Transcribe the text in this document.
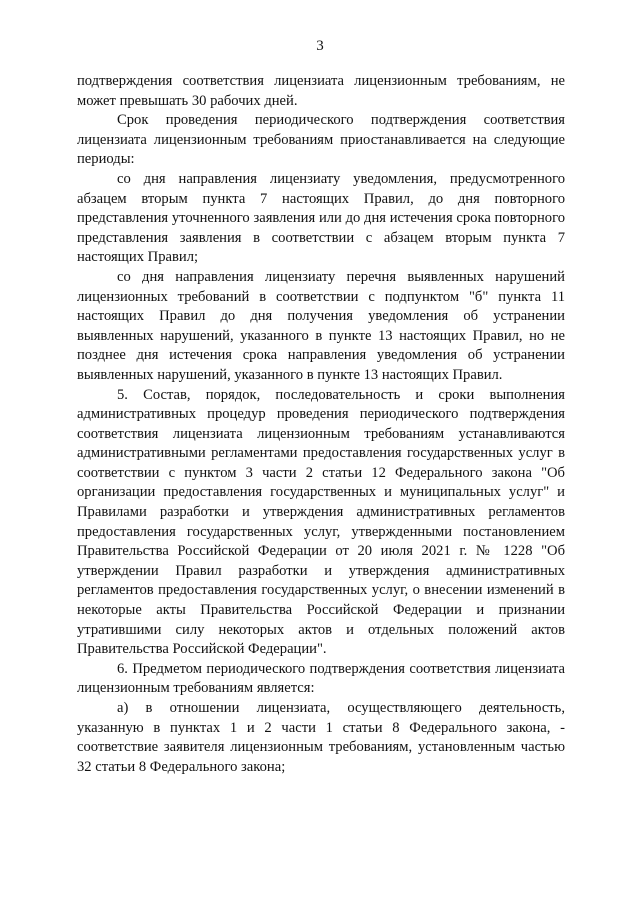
3

подтверждения соответствия лицензиата лицензионным требованиям, не может превышать 30 рабочих дней.

Срок проведения периодического подтверждения соответствия лицензиата лицензионным требованиям приостанавливается на следующие периоды:

со дня направления лицензиату уведомления, предусмотренного абзацем вторым пункта 7 настоящих Правил, до дня повторного представления уточненного заявления или до дня истечения срока повторного представления заявления в соответствии с абзацем вторым пункта 7 настоящих Правил;

со дня направления лицензиату перечня выявленных нарушений лицензионных требований в соответствии с подпунктом "б" пункта 11 настоящих Правил до дня получения уведомления об устранении выявленных нарушений, указанного в пункте 13 настоящих Правил, но не позднее дня истечения срока направления уведомления об устранении выявленных нарушений, указанного в пункте 13 настоящих Правил.

5. Состав, порядок, последовательность и сроки выполнения административных процедур проведения периодического подтверждения соответствия лицензиата лицензионным требованиям устанавливаются административными регламентами предоставления государственных услуг в соответствии с пунктом 3 части 2 статьи 12 Федерального закона "Об организации предоставления государственных и муниципальных услуг" и Правилами разработки и утверждения административных регламентов предоставления государственных услуг, утвержденными постановлением Правительства Российской Федерации от 20 июля 2021 г. № 1228 "Об утверждении Правил разработки и утверждения административных регламентов предоставления государственных услуг, о внесении изменений в некоторые акты Правительства Российской Федерации и признании утратившими силу некоторых актов и отдельных положений актов Правительства Российской Федерации".

6. Предметом периодического подтверждения соответствия лицензиата лицензионным требованиям является:

а) в отношении лицензиата, осуществляющего деятельность, указанную в пунктах 1 и 2 части 1 статьи 8 Федерального закона, - соответствие заявителя лицензионным требованиям, установленным частью 32 статьи 8 Федерального закона;
